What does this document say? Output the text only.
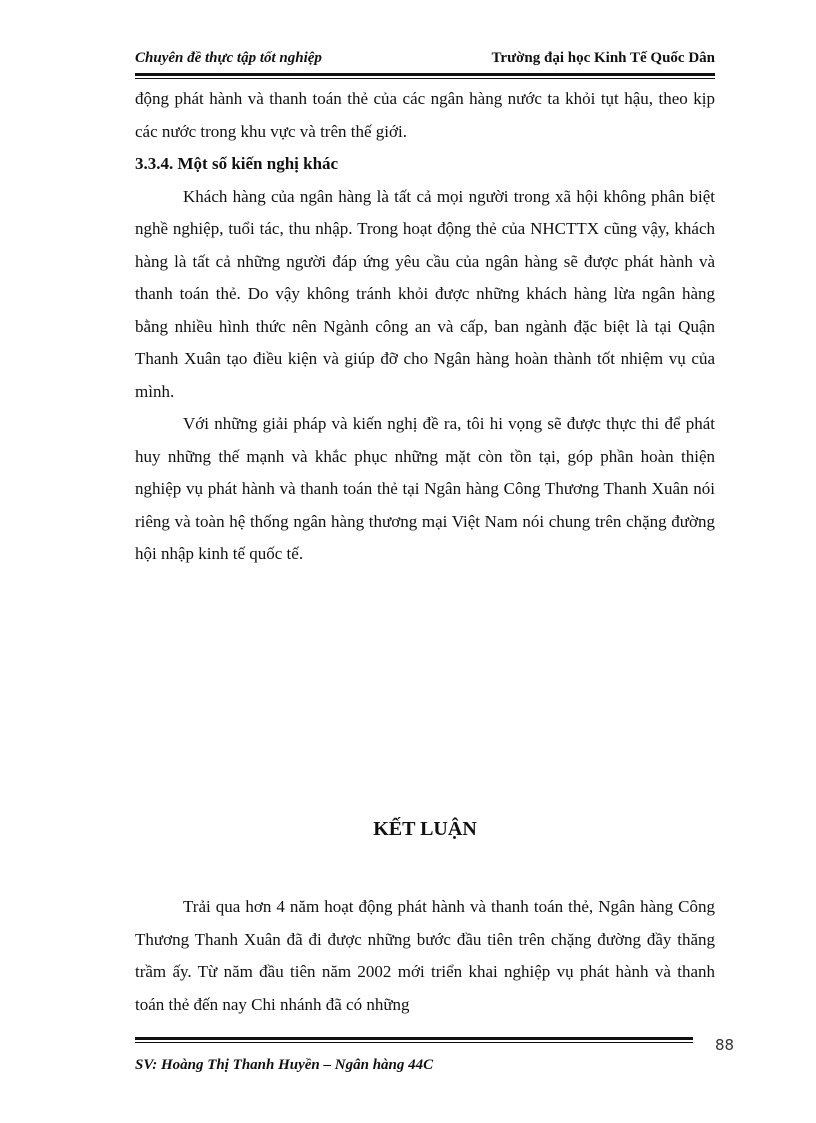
Chuyên đề thực tập tốt nghiệp	Trường đại học Kinh Tế Quốc Dân

động phát hành và thanh toán thẻ của các ngân hàng nước ta khỏi tụt hậu, theo kịp các nước trong khu vực và trên thế giới.

3.3.4. Một số kiến nghị khác

Khách hàng của ngân hàng là tất cả mọi người trong xã hội không phân biệt nghề nghiệp, tuổi tác, thu nhập. Trong hoạt động thẻ của NHCTTX cũng vậy, khách hàng là tất cả những người đáp ứng yêu cầu của ngân hàng sẽ được phát hành và thanh toán thẻ. Do vậy không tránh khỏi được những khách hàng lừa ngân hàng bằng nhiều hình thức nên Ngành công an và cấp, ban ngành đặc biệt là tại Quận Thanh Xuân tạo điều kiện và giúp đỡ cho Ngân hàng hoàn thành tốt nhiệm vụ của mình.

Với những giải pháp và kiến nghị đề ra, tôi hi vọng sẽ được thực thi để phát huy những thế mạnh và khắc phục những mặt còn tồn tại, góp phần hoàn thiện nghiệp vụ phát hành và thanh toán thẻ tại Ngân hàng Công Thương Thanh Xuân nói riêng và toàn hệ thống ngân hàng thương mại Việt Nam nói chung trên chặng đường hội nhập kinh tế quốc tế.

KẾT LUẬN

Trải qua hơn 4 năm hoạt động phát hành và thanh toán thẻ, Ngân hàng Công Thương Thanh Xuân đã đi được những bước đầu tiên trên chặng đường đầy thăng trầm ấy. Từ năm đầu tiên năm 2002 mới triển khai nghiệp vụ phát hành và thanh toán thẻ đến nay Chi nhánh đã có những

88
SV: Hoàng Thị Thanh Huyền – Ngân hàng 44C
